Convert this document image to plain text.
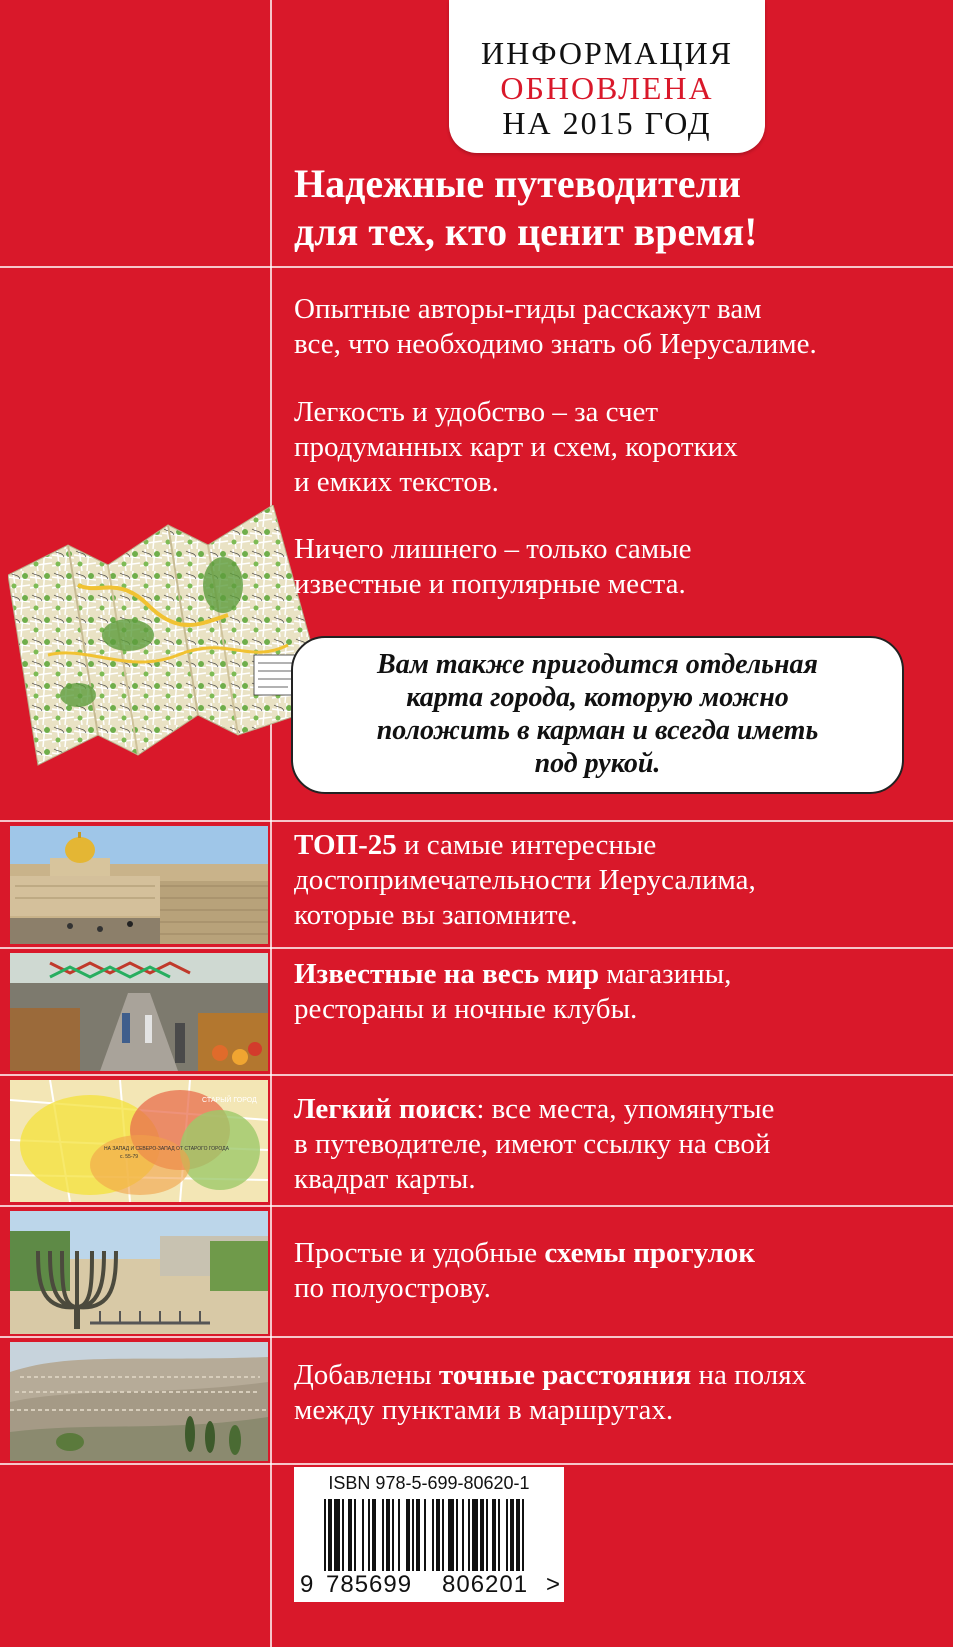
ИНФОРМАЦИЯ
ОБНОВЛЕНА
НА 2015 ГОД
Надежные путеводители
для тех, кто ценит время!
Опытные авторы-гиды расскажут вам
все, что необходимо знать об Иерусалиме.
Легкость и удобство – за счет
продуманных карт и схем, коротких
и емких текстов.
Ничего лишнего – только самые
известные и популярные места.
Вам также пригодится отдельная
карта города, которую можно
положить в карман и всегда иметь
под рукой.
ТОП-25 и самые интересные
достопримечательности Иерусалима,
которые вы запомните.
Известные на весь мир магазины,
рестораны и ночные клубы.
СТАРЫЙ ГОРОД
НА ЗАПАД И СЕВЕРО-ЗАПАД ОТ СТАРОГО ГОРОДА
с. 55-79
Легкий поиск: все места, упомянутые
в путеводителе, имеют ссылку на свой
квадрат карты.
Простые и удобные схемы прогулок
по полуострову.
Добавлены точные расстояния на полях
между пунктами в маршрутах.
ISBN 978-5-699-80620-1
9 785699 806201 >
